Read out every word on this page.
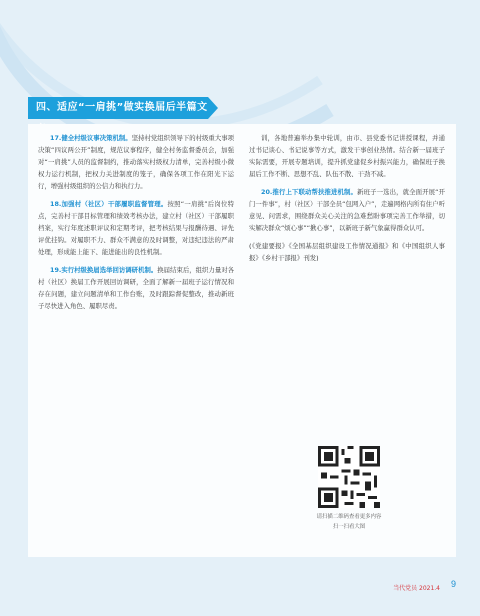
四、适应“一肩挑”做实换届后半篇文

17.健全村级议事决策机制。坚持村党组织领导下的村级重大事项决策“四议两公开”制度，规范议事程序，健全村务监督委员会，加强对“一肩挑”人员的监督制约，推动落实村级权力清单，完善村级小微权力运行机制，把权力关进制度的笼子，确保各项工作在阳光下运行，增强村级组织的公信力和执行力。

18.加强村（社区）干部履职监督管理。按照“一肩挑”后岗位特点，完善村干部目标管理和绩效考核办法，建立村（社区）干部履职档案，实行年度述职评议和定期考评，把考核结果与报酬待遇、评先评优挂钩。对履职不力、群众不满意的及时调整，对违纪违法的严肃处理，形成能上能下、能进能出的良性机制。

19.实行村级换届选举回访调研机制。换届结束后，组织力量对各村（社区）换届工作开展回访调研，全面了解新一届班子运行情况和存在问题，建立问题清单和工作台账，及时跟踪督促整改，推动新班子尽快进入角色、履职尽责。

训，各地普遍举办集中轮训，由市、县党委书记讲授课程，并通过书记谈心、书记说事等方式，激发干事创业热情。结合新一届班子实际需要，开展专题培训，提升抓党建促乡村振兴能力，确保班子换届后工作不断、思想不乱、队伍不散、干劲不减。

20.推行上下联动帮扶推进机制。新班子一选出，就全面开展“开门一件事”，村（社区）干部全员“包网入户”，走遍网格内所有住户听意见、问需求，围绕群众关心关注的急难愁盼事项完善工作举措，切实解决群众“烦心事”“揪心事”，以新班子新气象赢得群众认可。

(《党建要报》《全国基层组织建设工作情况通报》和《中国组织人事报》《乡村干部报》刊发)

请扫描二维码查看更多内容
扫一扫看大图
当代党员 2021.4 9
